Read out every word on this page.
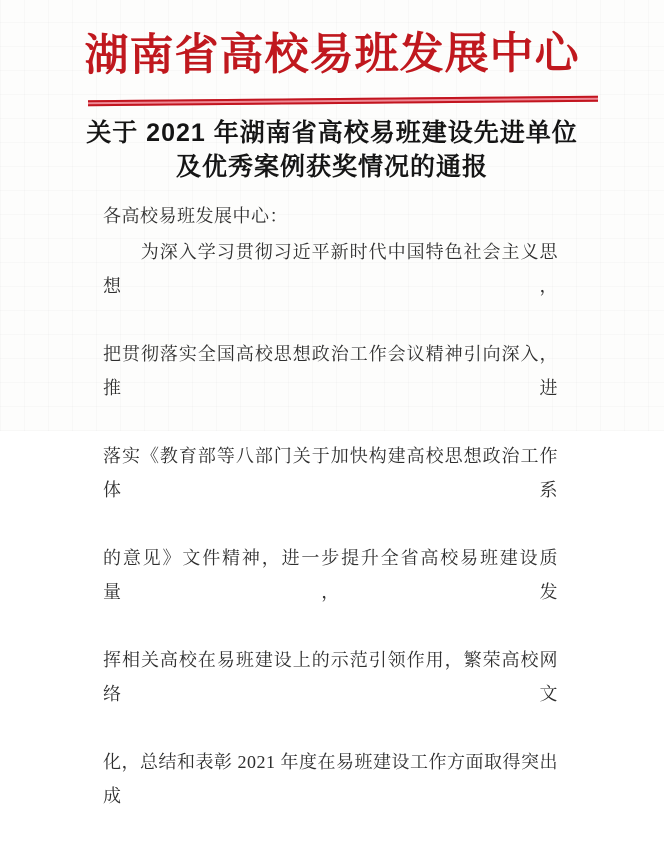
湖南省高校易班发展中心
关于 2021 年湖南省高校易班建设先进单位
及优秀案例获奖情况的通报
各高校易班发展中心：
为深入学习贯彻习近平新时代中国特色社会主义思想，
把贯彻落实全国高校思想政治工作会议精神引向深入，推进
落实《教育部等八部门关于加快构建高校思想政治工作体系
的意见》文件精神，进一步提升全省高校易班建设质量，发
挥相关高校在易班建设上的示范引领作用，繁荣高校网络文
化，总结和表彰 2021 年度在易班建设工作方面取得突出成
